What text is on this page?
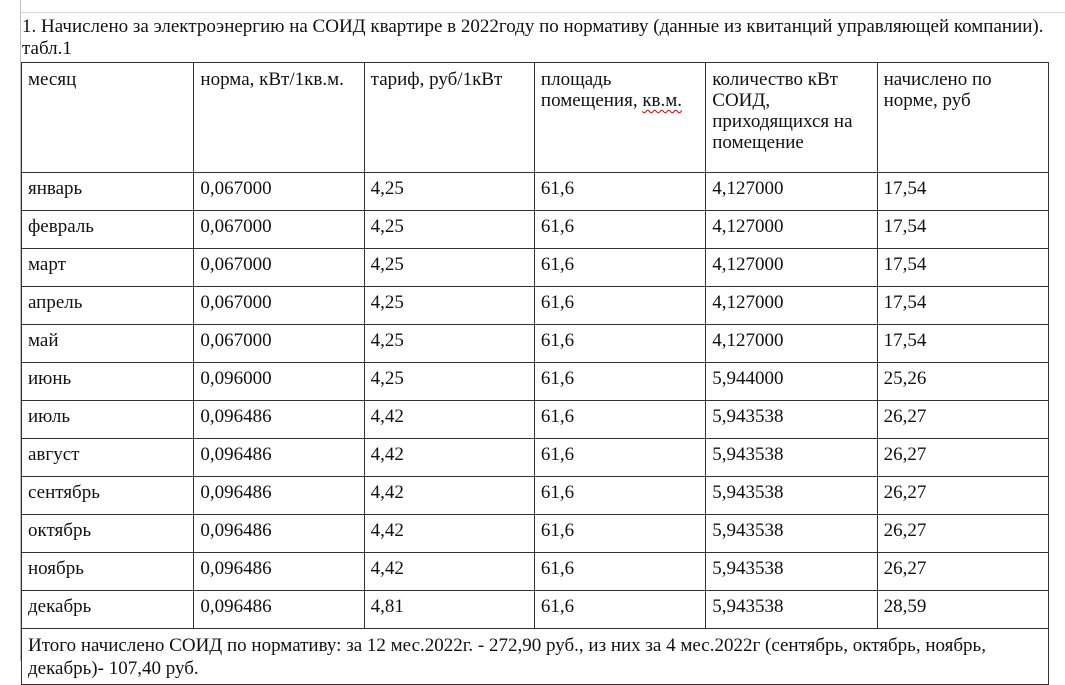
1. Начислено за электроэнергию на СОИД квартире в 2022году по нормативу (данные из квитанций управляющей компании). табл.1
месяц	норма, кВт/1кв.м.	тариф, руб/1кВт	площадь помещения, кв.м.	количество кВт СОИД, приходящихся на помещение	начислено по норме, руб
январь	0,067000	4,25	61,6	4,127000	17,54
февраль	0,067000	4,25	61,6	4,127000	17,54
март	0,067000	4,25	61,6	4,127000	17,54
апрель	0,067000	4,25	61,6	4,127000	17,54
май	0,067000	4,25	61,6	4,127000	17,54
июнь	0,096000	4,25	61,6	5,944000	25,26
июль	0,096486	4,42	61,6	5,943538	26,27
август	0,096486	4,42	61,6	5,943538	26,27
сентябрь	0,096486	4,42	61,6	5,943538	26,27
октябрь	0,096486	4,42	61,6	5,943538	26,27
ноябрь	0,096486	4,42	61,6	5,943538	26,27
декабрь	0,096486	4,81	61,6	5,943538	28,59
Итого начислено СОИД по нормативу: за 12 мес.2022г. - 272,90 руб., из них за 4 мес.2022г (сентябрь, октябрь, ноябрь, декабрь)- 107,40 руб.					
